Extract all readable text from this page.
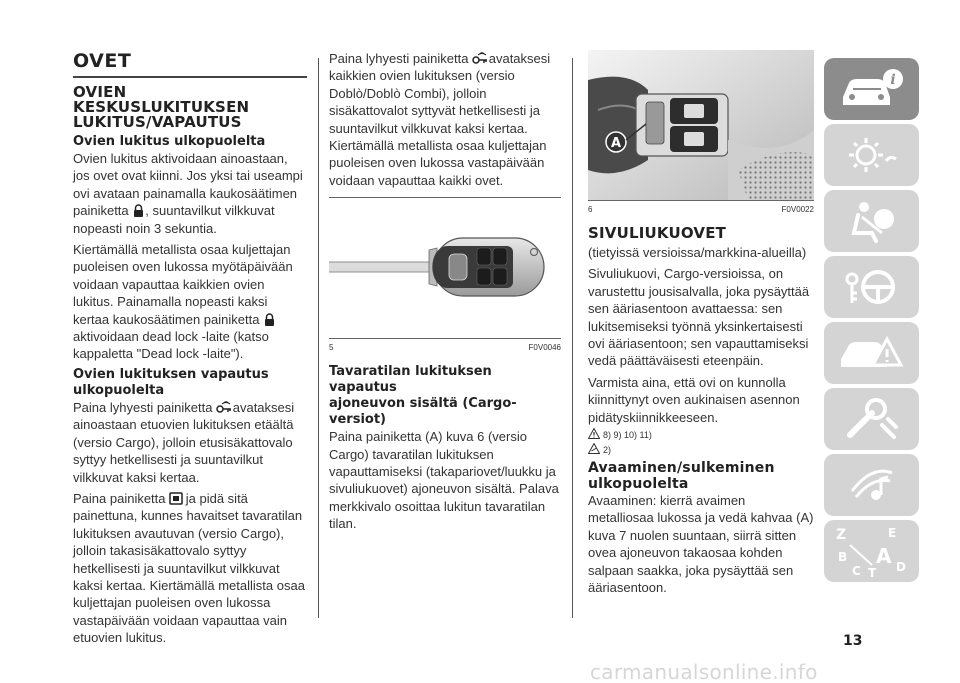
OVET
OVIEN
KESKUSLUKITUKSEN
LUKITUS/VAPAUTUS
Ovien lukitus ulkopuolelta

Ovien lukitus aktivoidaan ainoastaan, jos ovet ovat kiinni. Jos yksi tai useampi ovi avataan painamalla kaukosäätimen painiketta , suuntavilkut vilkkuvat nopeasti noin 3 sekuntia.

Kiertämällä metallista osaa kuljettajan puoleisen oven lukossa myötäpäivään voidaan vapauttaa kaikkien ovien lukitus. Painamalla nopeasti kaksi kertaa kaukosäätimen painiketta  aktivoidaan dead lock -laite (katso kappaletta "Dead lock -laite").

Ovien lukituksen vapautus
ulkopuolelta

Paina lyhyesti painiketta avataksesi ainoastaan etuovien lukituksen etäältä (versio Cargo), jolloin etusisäkattovalo syttyy hetkellisesti ja suuntavilkut vilkkuvat kaksi kertaa.

Paina painiketta ja pidä sitä painettuna, kunnes havaitset tavaratilan lukituksen avautuvan (versio Cargo), jolloin takasisäkattovalo syttyy hetkellisesti ja suuntavilkut vilkkuvat kaksi kertaa. Kiertämällä metallista osaa kuljettajan puoleisen oven lukossa vastapäivään voidaan vapauttaa vain etuovien lukitus.

Paina lyhyesti painiketta avataksesi kaikkien ovien lukituksen (versio Doblò/Doblò Combi), jolloin sisäkattovalot syttyvät hetkellisesti ja suuntavilkut vilkkuvat kaksi kertaa. Kiertämällä metallista osaa kuljettajan puoleisen oven lukossa vastapäivään voidaan vapauttaa kaikki ovet.

5	F0V0046
Tavaratilan lukituksen vapautus
ajoneuvon sisältä (Cargo-versiot)

Paina painiketta (A) kuva 6 (versio Cargo) tavaratilan lukituksen vapauttamiseksi (takapariovet/luukku ja sivuliukuovet) ajoneuvon sisältä. Palava merkkivalo osoittaa lukitun tavaratilan tilan.

A
6	F0V0022
SIVULIUKUOVET

(tietyissä versioissa/markkina-alueilla)

Sivuliukuovi, Cargo-versioissa, on varustettu jousisalvalla, joka pysäyttää sen ääriasentoon avattaessa: sen lukitsemiseksi työnnä yksinkertaisesti ovi ääriasentoon; sen vapauttamiseksi vedä päättäväisesti eteenpäin.

Varmista aina, että ovi on kunnolla kiinnittynyt oven aukinaisen asennon pidätyskiinnikkeeseen.

8) 9) 10) 11)
2)
Avaaminen/sulkeminen
ulkopuolelta

Avaaminen: kierrä avaimen metalliosaa lukossa ja vedä kahvaa (A) kuva 7 nuolen suuntaan, siirrä sitten ovea ajoneuvon takaosaa kohden salpaan saakka, joka pysäyttää sen ääriasentoon.

i
Z	E
B A
C T D
13
carmanualsonline.info
